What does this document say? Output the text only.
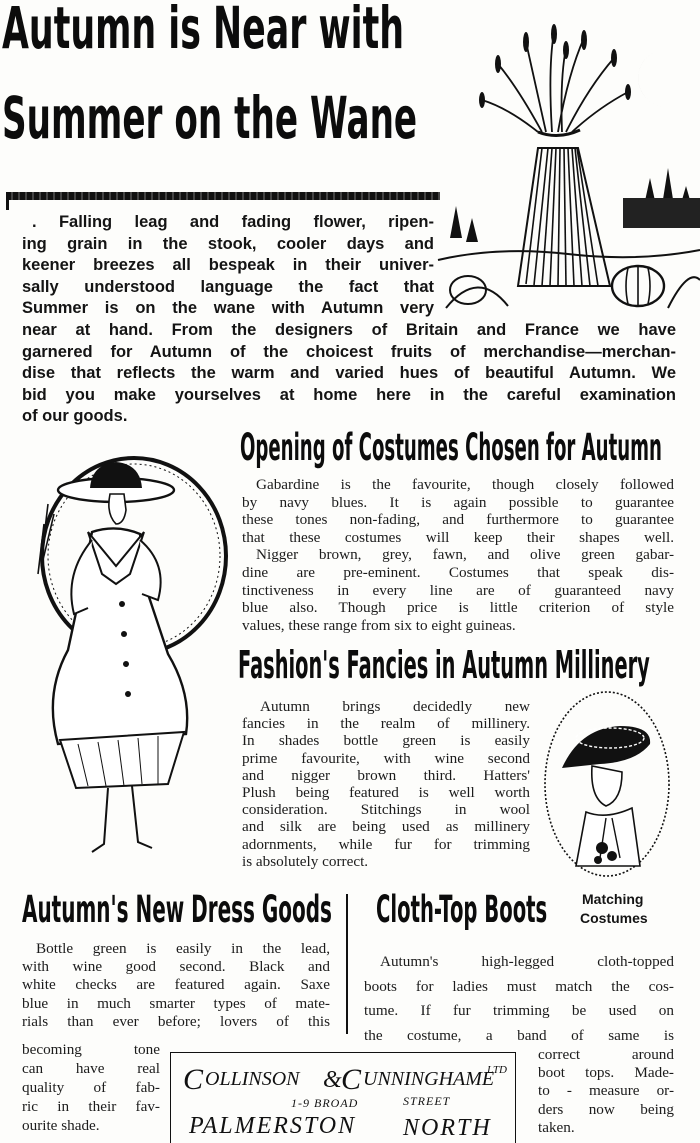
Autumn is Near with
Summer on the Wane
. Falling leag and fading flower, ripen-
ing grain in the stook, cooler days and
keener breezes all bespeak in their univer-
sally understood language the fact that
Summer is on the wane with Autumn very
near at hand. From the designers of Britain and France we have
garnered for Autumn of the choicest fruits of merchandise—merchan-
dise that reflects the warm and varied hues of beautiful Autumn. We
bid you make yourselves at home here in the careful examination
of our goods.
Opening of Costumes Chosen for Autumn
Gabardine is the favourite, though closely followed
by navy blues. It is again possible to guarantee
these tones non-fading, and furthermore to guarantee
that these costumes will keep their shapes well.
Nigger brown, grey, fawn, and olive green gabar-
dine are pre-eminent. Costumes that speak dis-
tinctiveness in every line are of guaranteed navy
blue also. Though price is little criterion of style
values, these range from six to eight guineas.
Fashion's Fancies in Autumn Millinery
Autumn brings decidedly new
fancies in the realm of millinery.
In shades bottle green is easily
prime favourite, with wine second
and nigger brown third. Hatters'
Plush being featured is well worth
consideration. Stitchings in wool
and silk are being used as millinery
adornments, while fur for trimming
is absolutely correct.
Autumn's New Dress Goods
Bottle green is easily in the lead,
with wine good second. Black and
white checks are featured again. Saxe
blue in much smarter types of mate-
rials than ever before; lovers of this
becoming tone
can have real
quality of fab-
ric in their fav-
ourite shade.
Cloth-Top Boots Matching
Costumes
Autumn's high-legged cloth-topped
boots for ladies must match the cos-
tume. If fur trimming be used on
the costume, a band of same is
correct around
boot tops. Made-
to - measure or-
ders now being
taken.
C OLLINSON & C UNNINGHAME
LTD
1-9 BROAD	STREET
PALMERSTON NORTH
